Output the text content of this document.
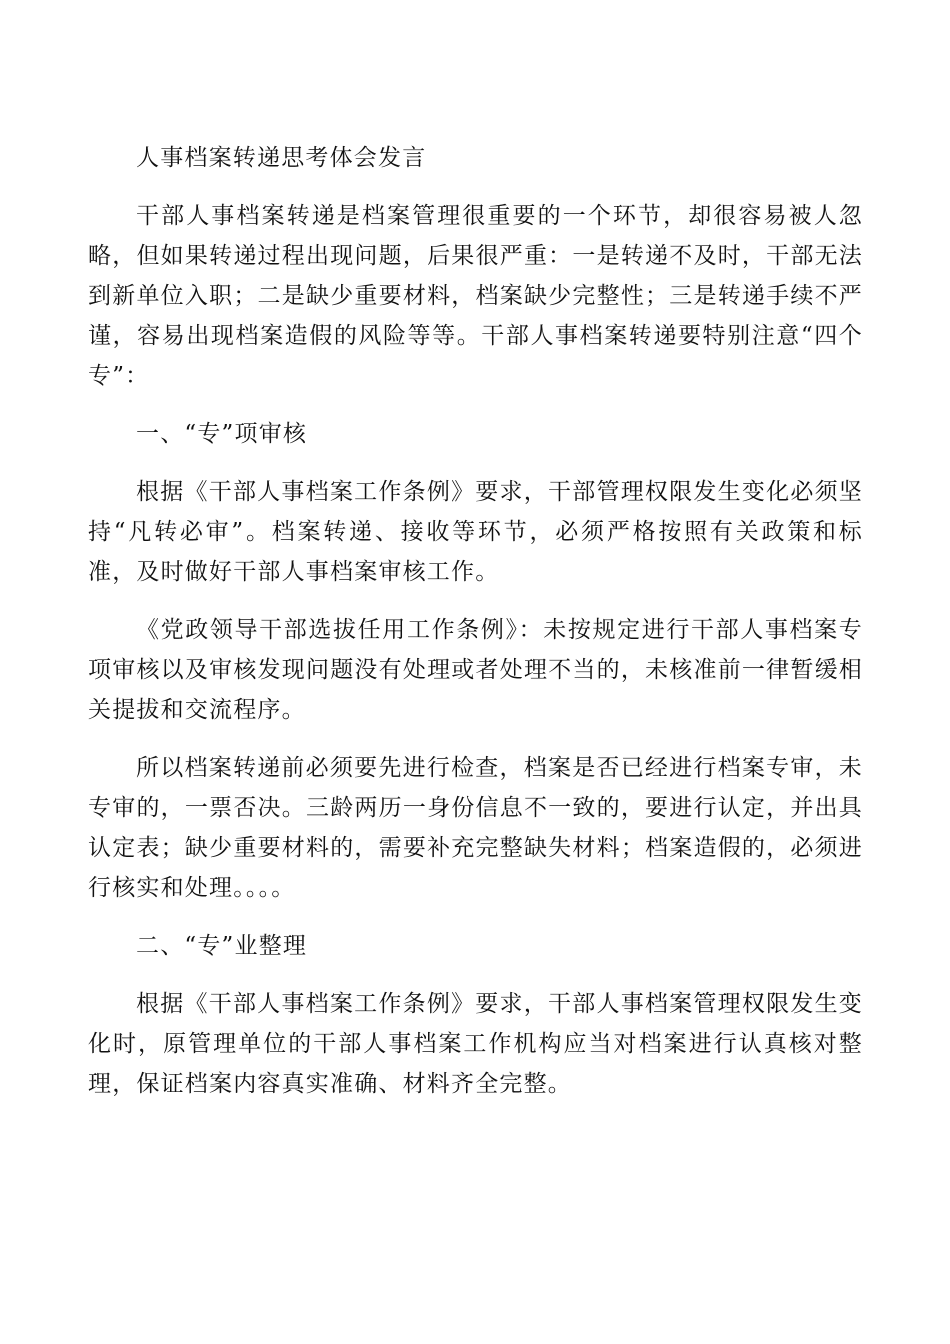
人事档案转递思考体会发言

干部人事档案转递是档案管理很重要的一个环节，却很容易被人忽略，但如果转递过程出现问题，后果很严重：一是转递不及时，干部无法到新单位入职；二是缺少重要材料，档案缺少完整性；三是转递手续不严谨，容易出现档案造假的风险等等。干部人事档案转递要特别注意“四个专”：

一、“专”项审核

根据《干部人事档案工作条例》要求，干部管理权限发生变化必须坚持“凡转必审”。档案转递、接收等环节，必须严格按照有关政策和标准，及时做好干部人事档案审核工作。

《党政领导干部选拔任用工作条例》：未按规定进行干部人事档案专项审核以及审核发现问题没有处理或者处理不当的，未核准前一律暂缓相关提拔和交流程序。

所以档案转递前必须要先进行检查，档案是否已经进行档案专审，未专审的，一票否决。三龄两历一身份信息不一致的，要进行认定，并出具认定表；缺少重要材料的，需要补充完整缺失材料；档案造假的，必须进行核实和处理。。。。

二、“专”业整理

根据《干部人事档案工作条例》要求，干部人事档案管理权限发生变化时，原管理单位的干部人事档案工作机构应当对档案进行认真核对整理，保证档案内容真实准确、材料齐全完整。
